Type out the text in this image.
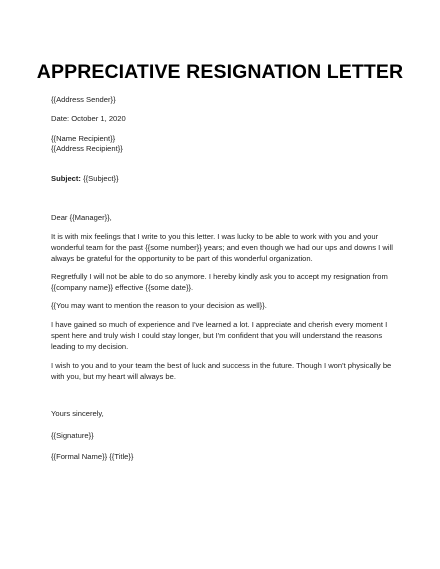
APPRECIATIVE RESIGNATION LETTER
{{Address Sender}}
Date: October 1, 2020
{{Name Recipient}}
{{Address Recipient}}
Subject: {{Subject}}
Dear {{Manager}},
It is with mix feelings that I write to you this letter. I was lucky to be able to work with you and your
wonderful team for the past {{some number}} years; and even though we had our ups and downs I will
always be grateful for the opportunity to be part of this wonderful organization.
Regretfully I will not be able to do so anymore. I hereby kindly ask you to accept my resignation from
{{company name}} effective {{some date}}.
{{You may want to mention the reason to your decision as well}}.
I have gained so much of experience and I've learned a lot. I appreciate and cherish every moment I
spent here and truly wish I could stay longer, but I'm confident that you will understand the reasons
leading to my decision.
I wish to you and to your team the best of luck and success in the future. Though I won't physically be
with you, but my heart will always be.
Yours sincerely,
{{Signature}}
{{Formal Name}} {{Title}}
